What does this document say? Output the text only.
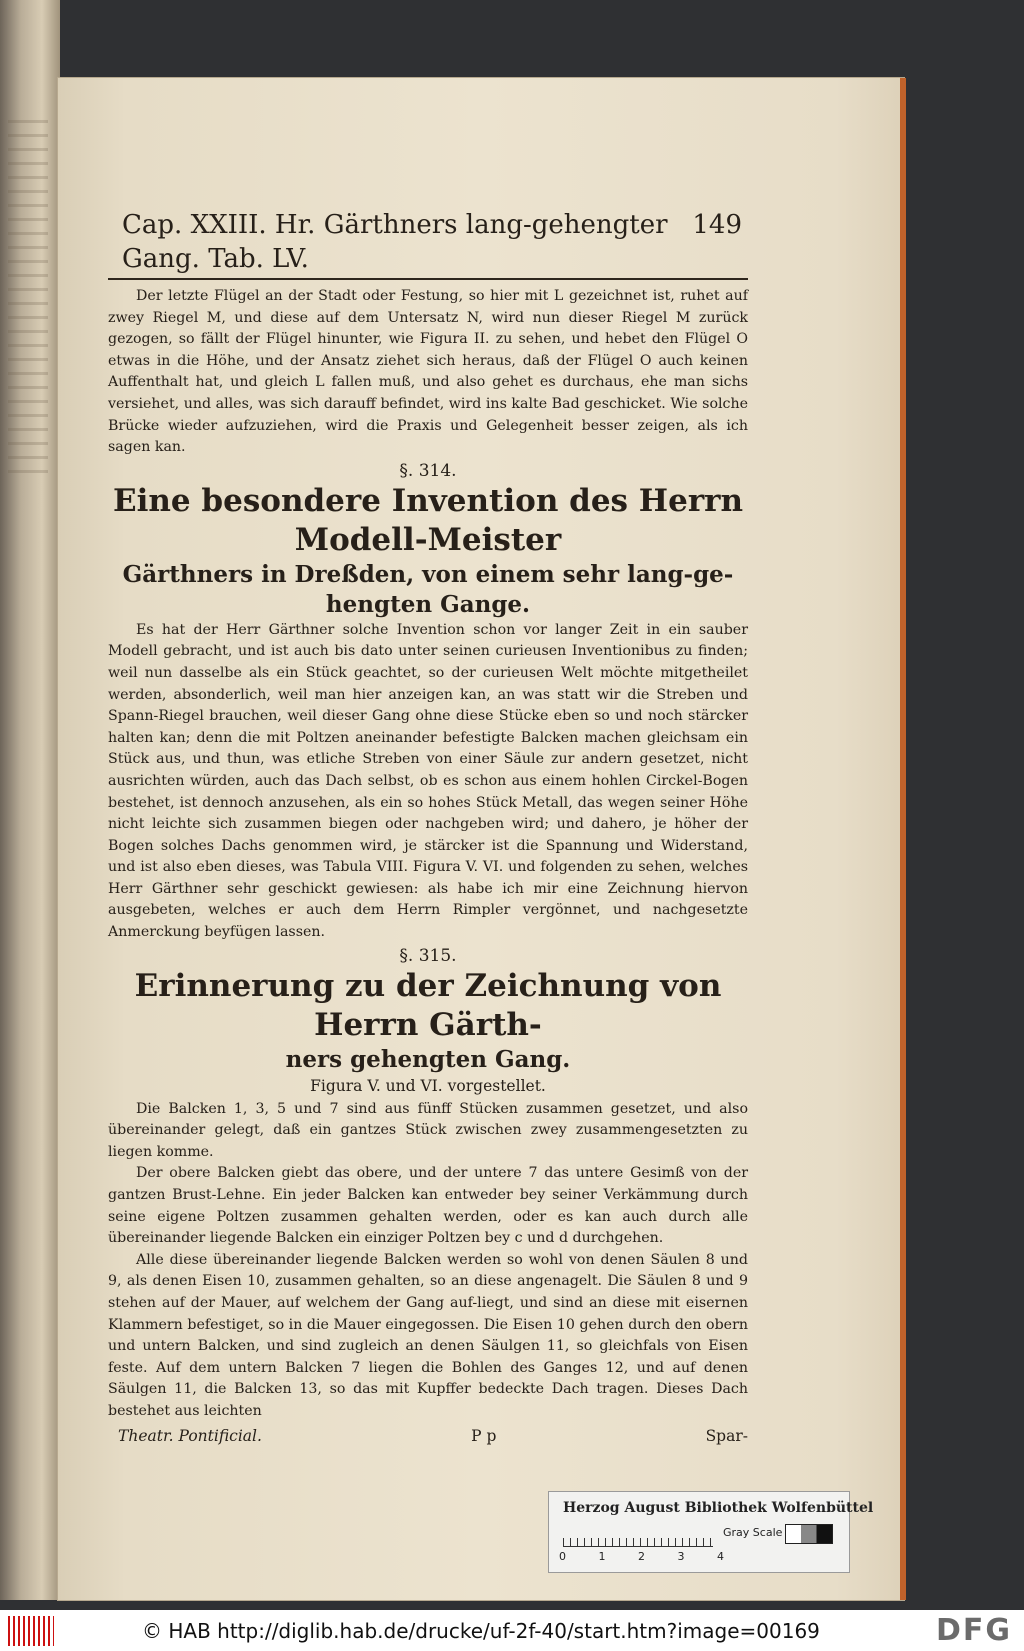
Cap. XXIII. Hr. Gärthners lang-gehengter Gang. Tab. LV.
149

Der letzte Flügel an der Stadt oder Festung, so hier mit L gezeichnet ist, ruhet auf zwey Riegel M, und diese auf dem Untersatz N, wird nun dieser Riegel M zurück gezogen, so fällt der Flügel hinunter, wie Figura II. zu sehen, und hebet den Flügel O etwas in die Höhe, und der Ansatz ziehet sich heraus, daß der Flügel O auch keinen Auffenthalt hat, und gleich L fallen muß, und also gehet es durchaus, ehe man sichs versiehet, und alles, was sich darauff befindet, wird ins kalte Bad geschicket. Wie solche Brücke wieder aufzuziehen, wird die Praxis und Gelegenheit besser zeigen, als ich sagen kan.

§. 314.

Eine besondere Invention des Herrn Modell-Meister

Gärthners in Dreßden, von einem sehr lang-ge-

hengten Gange.

Es hat der Herr Gärthner solche Invention schon vor langer Zeit in ein sauber Modell gebracht, und ist auch bis dato unter seinen curieusen Inventionibus zu finden; weil nun dasselbe als ein Stück geachtet, so der curieusen Welt möchte mitgetheilet werden, absonderlich, weil man hier anzeigen kan, an was statt wir die Streben und Spann-Riegel brauchen, weil dieser Gang ohne diese Stücke eben so und noch stärcker halten kan; denn die mit Poltzen aneinander befestigte Balcken machen gleichsam ein Stück aus, und thun, was etliche Streben von einer Säule zur andern gesetzet, nicht ausrichten würden, auch das Dach selbst, ob es schon aus einem hohlen Circkel-Bogen bestehet, ist dennoch anzusehen, als ein so hohes Stück Metall, das wegen seiner Höhe nicht leichte sich zusammen biegen oder nachgeben wird; und dahero, je höher der Bogen solches Dachs genommen wird, je stärcker ist die Spannung und Widerstand, und ist also eben dieses, was Tabula VIII. Figura V. VI. und folgenden zu sehen, welches Herr Gärthner sehr geschickt gewiesen: als habe ich mir eine Zeichnung hiervon ausgebeten, welches er auch dem Herrn Rimpler vergönnet, und nachgesetzte Anmerckung beyfügen lassen.

§. 315.

Erinnerung zu der Zeichnung von Herrn Gärth-

ners gehengten Gang.

Figura V. und VI. vorgestellet.

Die Balcken 1, 3, 5 und 7 sind aus fünff Stücken zusammen gesetzet, und also übereinander gelegt, daß ein gantzes Stück zwischen zwey zusammengesetzten zu liegen komme.

Der obere Balcken giebt das obere, und der untere 7 das untere Gesimß von der gantzen Brust-Lehne. Ein jeder Balcken kan entweder bey seiner Verkämmung durch seine eigene Poltzen zusammen gehalten werden, oder es kan auch durch alle übereinander liegende Balcken ein einziger Poltzen bey c und d durchgehen.

Alle diese übereinander liegende Balcken werden so wohl von denen Säulen 8 und 9, als denen Eisen 10, zusammen gehalten, so an diese angenagelt. Die Säulen 8 und 9 stehen auf der Mauer, auf welchem der Gang auf-liegt, und sind an diese mit eisernen Klammern befestiget, so in die Mauer eingegossen. Die Eisen 10 gehen durch den obern und untern Balcken, und sind zugleich an denen Säulgen 11, so gleichfals von Eisen feste. Auf dem untern Balcken 7 liegen die Bohlen des Ganges 12, und auf denen Säulgen 11, die Balcken 13, so das mit Kupffer bedeckte Dach tragen. Dieses Dach bestehet aus leichten

Theatr. Pontificial.	P p	Spar-
Herzog August Bibliothek Wolfenbüttel
0	1	2	3	4
Gray Scale
© HAB http://diglib.hab.de/drucke/uf-2f-40/start.htm?image=00169	DFG
